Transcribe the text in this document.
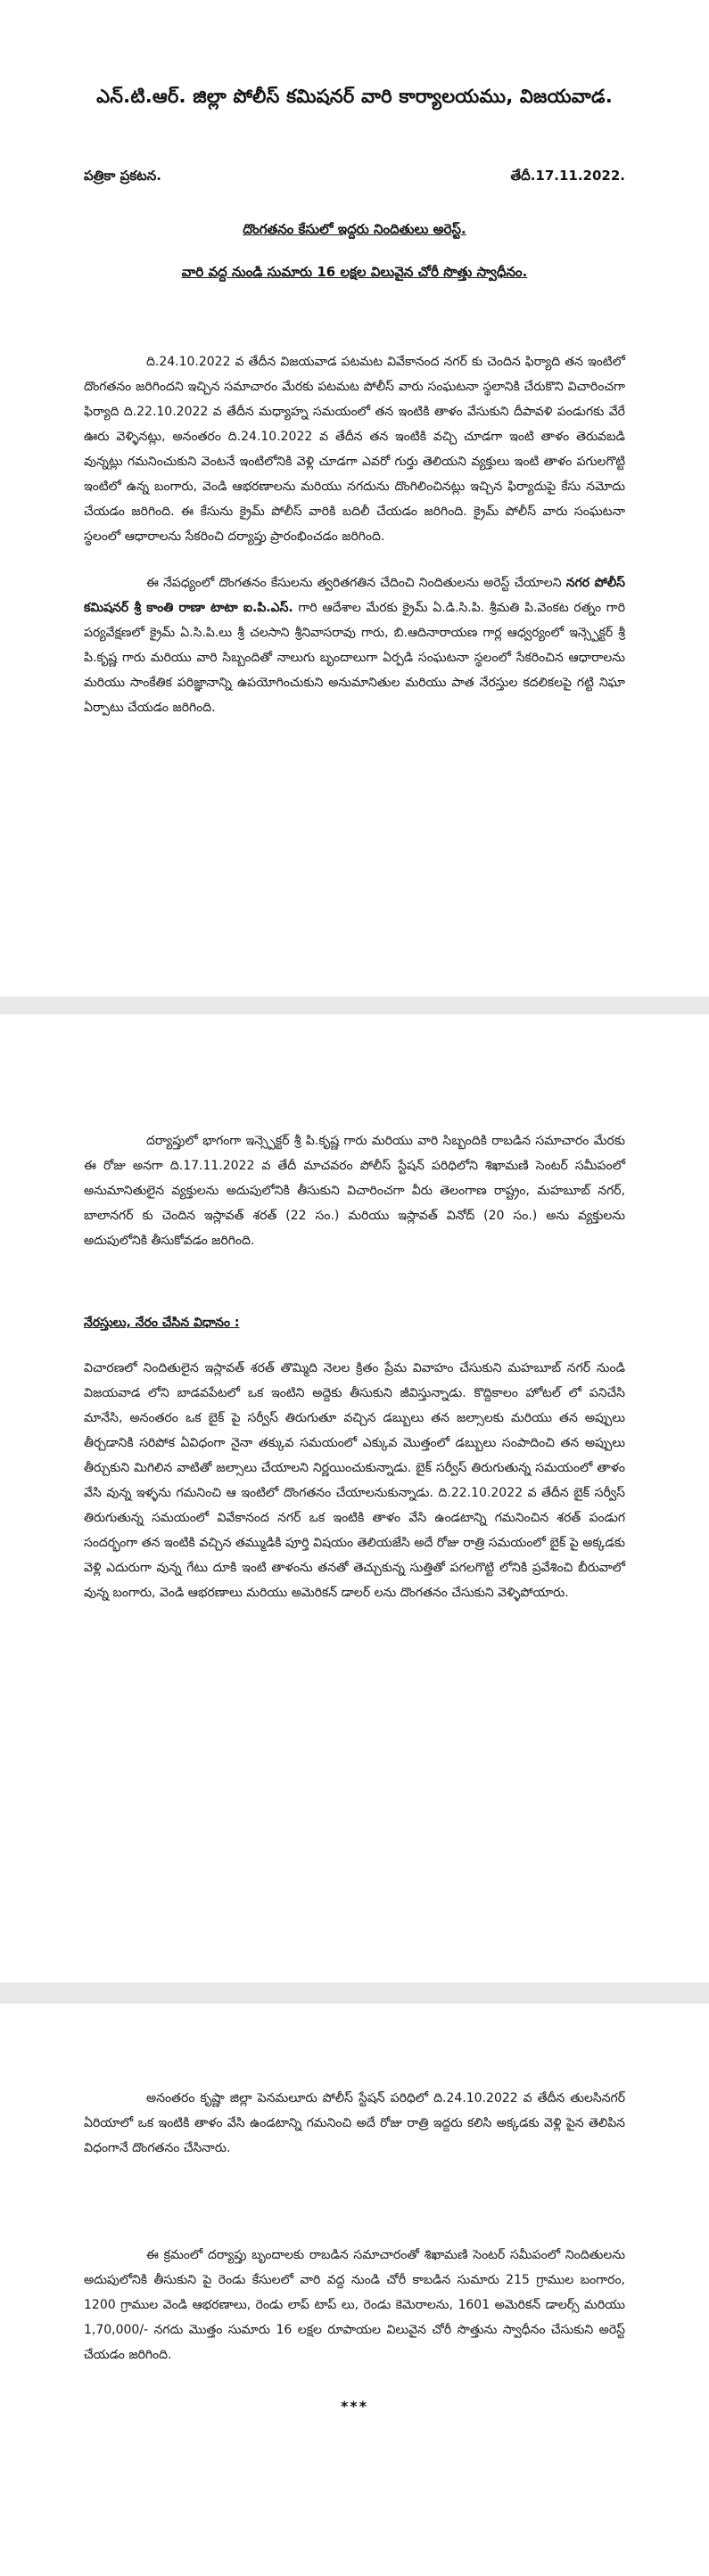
ఎన్.టి.ఆర్. జిల్లా పోలీస్ కమిషనర్ వారి కార్యాలయము, విజయవాడ.
పత్రికా ప్రకటన.	తేదీ.17.11.2022.
దొంగతనం కేసులో ఇద్దరు నిందితులు అరెస్ట్.
వారి వద్ద నుండి సుమారు 16 లక్షల విలువైన చోరీ సొత్తు స్వాధీనం.

ది.24.10.2022 వ తేదీన విజయవాడ పటమట వివేకానంద నగర్ కు చెందిన ఫిర్యాది తన ఇంటిలో దొంగతనం జరిగిందని ఇచ్చిన సమాచారం మేరకు పటమట పోలీస్ వారు సంఘటనా స్థలానికి చేరుకొని విచారించగా ఫిర్యాది ది.22.10.2022 వ తేదీన మధ్యాహ్న సమయంలో తన ఇంటికి తాళం వేసుకుని దీపావళి పండుగకు వేరే ఊరు వెళ్ళినట్లు, అనంతరం ది.24.10.2022 వ తేదీన తన ఇంటికి వచ్చి చూడగా ఇంటి తాళం తెరువబడి వున్నట్లు గమనించుకుని వెంటనే ఇంటిలోనికి వెళ్లి చూడగా ఎవరో గుర్తు తెలియని వ్యక్తులు ఇంటి తాళం పగులగొట్టి ఇంటిలో ఉన్న బంగారు, వెండి ఆభరణాలను మరియు నగదును దొంగిలించినట్లు ఇచ్చిన ఫిర్యాదుపై కేసు నమోదు చేయడం జరిగింది. ఈ కేసును క్రైమ్ పోలీస్ వారికి బదిలీ చేయడం జరిగింది. క్రైమ్ పోలీస్ వారు సంఘటనా స్థలంలో ఆధారాలను సేకరించి దర్యాప్తు ప్రారంభించడం జరిగింది.

ఈ నేపధ్యంలో దొంగతనం కేసులను త్వరితగతిన చేదించి నిందితులను అరెస్ట్ చేయాలని నగర పోలీస్ కమిషనర్ శ్రీ కాంతి రాణా టాటా ఐ.పి.ఎస్. గారి ఆదేశాల మేరకు క్రైమ్ ఏ.డి.సి.పి. శ్రీమతి పి.వెంకట రత్నం గారి పర్యవేక్షణలో క్రైమ్ ఏ.సి.పి.లు శ్రీ చలసాని శ్రీనివాసరావు గారు, బి.ఆదినారాయణ గార్ల ఆధ్వర్యంలో ఇన్స్పెక్టర్ శ్రీ పి.కృష్ణ గారు మరియు వారి సిబ్బందితో నాలుగు బృందాలుగా ఏర్పడి సంఘటనా స్థలంలో సేకరించిన ఆధారాలను మరియు సాంకేతిక పరిజ్ఞానాన్ని ఉపయోగించుకుని అనుమానితుల మరియు పాత నేరస్తుల కదలికలపై గట్టి నిఘా ఏర్పాటు చేయడం జరిగింది.

దర్యాప్తులో భాగంగా ఇన్స్పెక్టర్ శ్రీ పి.కృష్ణ గారు మరియు వారి సిబ్బందికి రాబడిన సమాచారం మేరకు ఈ రోజు అనగా ది.17.11.2022 వ తేదీ మాచవరం పోలీస్ స్టేషన్ పరిధిలోని శిఖామణి సెంటర్ సమీపంలో అనుమానితులైన వ్యక్తులను అదుపులోనికి తీసుకుని విచారించగా వీరు తెలంగాణ రాష్ట్రం, మహబూబ్ నగర్, బాలానగర్ కు చెందిన ఇస్లావత్ శరత్ (22 సం.) మరియు ఇస్లావత్ వినోద్ (20 సం.) అను వ్యక్తులను అదుపులోనికి తీసుకోవడం జరిగింది.

నేరస్తులు, నేరం చేసిన విధానం :

విచారణలో నిందితులైన ఇస్లావత్ శరత్ తొమ్మిది నెలల క్రితం ప్రేమ వివాహం చేసుకుని మహబూబ్ నగర్ నుండి విజయవాడ లోని బాడవపేటలో ఒక ఇంటిని అద్దెకు తీసుకుని జీవిస్తున్నాడు. కొద్దికాలం హోటల్ లో పనిచేసి మానేసి, అనంతరం ఒక బైక్ పై సర్వీస్ తిరుగుతూ వచ్చిన డబ్బులు తన జల్సాలకు మరియు తన అప్పులు తీర్చడానికి సరిపోక ఏవిధంగా నైనా తక్కువ సమయంలో ఎక్కువ మొత్తంలో డబ్బులు సంపాదించి తన అప్పులు తీర్చుకుని మిగిలిన వాటితో జల్సాలు చేయాలని నిర్ణయించుకున్నాడు. బైక్ సర్వీస్ తిరుగుతున్న సమయంలో తాళం వేసి వున్న ఇళ్ళను గమనించి ఆ ఇంటిలో దొంగతనం చేయాలనుకున్నాడు. ది.22.10.2022 వ తేదీన బైక్ సర్వీస్ తిరుగుతున్న సమయంలో వివేకానంద నగర్ ఒక ఇంటికి తాళం వేసి ఉండటాన్ని గమనించిన శరత్ పండుగ సందర్భంగా తన ఇంటికి వచ్చిన తమ్ముడికి పూర్తి విషయం తెలియజేసి అదే రోజు రాత్రి సమయంలో బైక్ పై అక్కడకు వెళ్లి ఎదురుగా వున్న గేటు దూకి ఇంటి తాళంను తనతో తెచ్చుకున్న సుత్తితో పగలగొట్టి లోనికి ప్రవేశించి బీరువాలో వున్న బంగారు, వెండి ఆభరణాలు మరియు అమెరికన్ డాలర్ లను దొంగతనం చేసుకుని వెళ్ళిపోయారు.

అనంతరం కృష్ణా జిల్లా పెనమలూరు పోలీస్ స్టేషన్ పరిధిలో ది.24.10.2022 వ తేదీన తులసినగర్ ఏరియాలో ఒక ఇంటికి తాళం వేసి ఉండటాన్ని గమనించి అదే రోజు రాత్రి ఇద్దరు కలిసి అక్కడకు వెళ్లి పైన తెలిపిన విధంగానే దొంగతనం చేసినారు.

ఈ క్రమంలో దర్యాప్తు బృందాలకు రాబడిన సమాచారంతో శిఖామణి సెంటర్ సమీపంలో నిందితులను అదుపులోనికి తీసుకుని పై రెండు కేసులలో వారి వద్ద నుండి చోరీ కాబడిన సుమారు 215 గ్రాముల బంగారం, 1200 గ్రాముల వెండి ఆభరణాలు, రెండు లాప్ టాప్ లు, రెండు కెమెరాలను, 1601 అమెరికన్ డాలర్స్ మరియు 1,70,000/- నగదు మొత్తం సుమారు 16 లక్షల రూపాయల విలువైన చోరీ సొత్తును స్వాధీనం చేసుకుని అరెస్ట్ చేయడం జరిగింది.

***
